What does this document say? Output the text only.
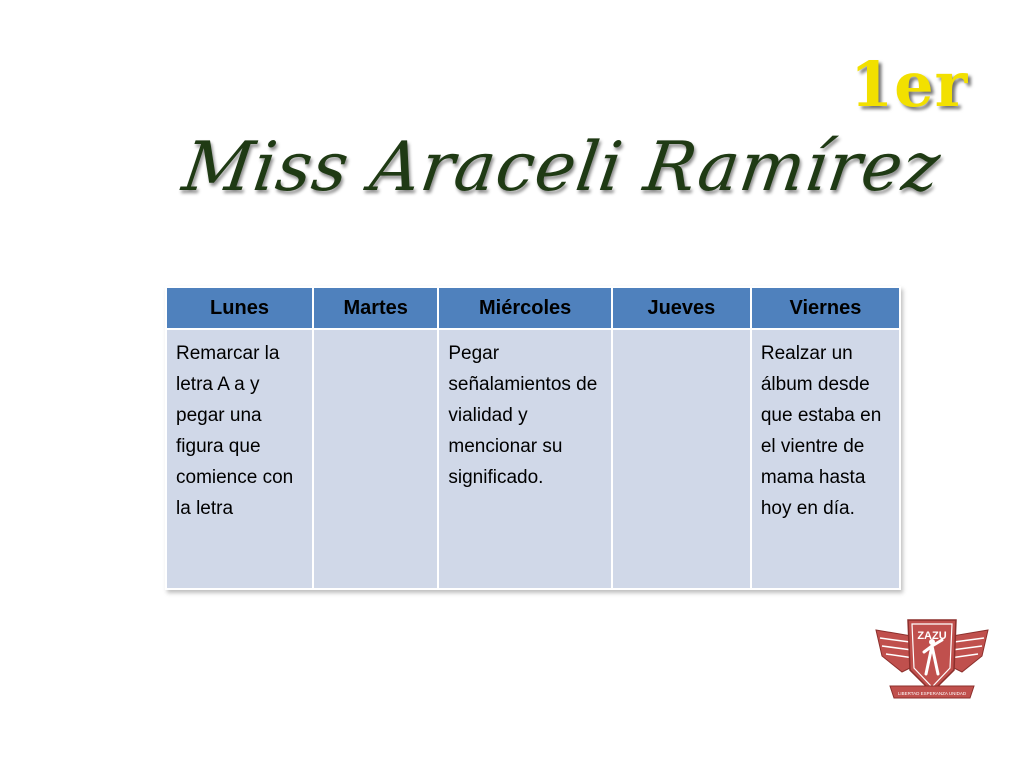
1er
Miss Araceli Ramírez
Lunes	Martes	Miércoles	Jueves	Viernes
Remarcar la letra A a y pegar una figura que comience con la letra		Pegar señalamientos de vialidad y mencionar su significado.		Realzar un álbum desde que estaba en el vientre de mama hasta hoy en día.
ZAZU
LIBERTAD ESPERANZA UNIDAD
